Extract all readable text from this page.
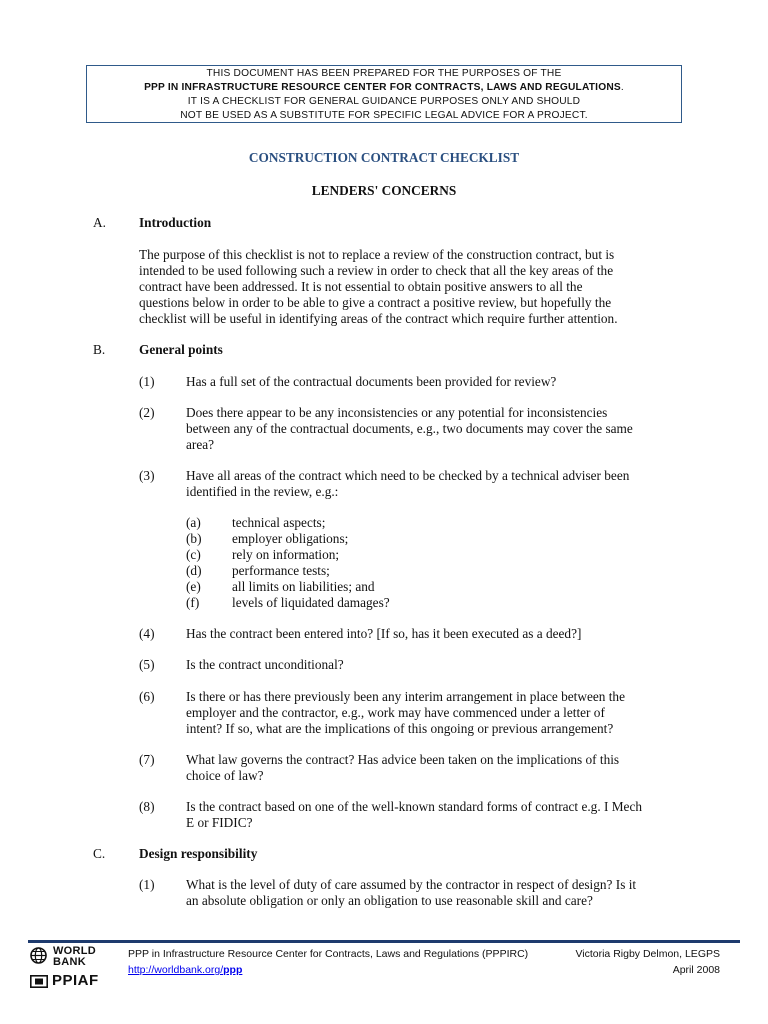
THIS DOCUMENT HAS BEEN PREPARED FOR THE PURPOSES OF THE
PPP IN INFRASTRUCTURE RESOURCE CENTER FOR CONTRACTS, LAWS AND REGULATIONS.
IT IS A CHECKLIST FOR GENERAL GUIDANCE PURPOSES ONLY AND SHOULD
NOT BE USED AS A SUBSTITUTE FOR SPECIFIC LEGAL ADVICE FOR A PROJECT.
CONSTRUCTION CONTRACT CHECKLIST
LENDERS' CONCERNS
A. Introduction
The purpose of this checklist is not to replace a review of the construction contract, but is
intended to be used following such a review in order to check that all the key areas of the
contract have been addressed. It is not essential to obtain positive answers to all the
questions below in order to be able to give a contract a positive review, but hopefully the
checklist will be useful in identifying areas of the contract which require further attention.
B.	General points
(1) Has a full set of the contractual documents been provided for review?
(2) Does there appear to be any inconsistencies or any potential for inconsistencies
between any of the contractual documents, e.g., two documents may cover the same
area?
(3) Have all areas of the contract which need to be checked by a technical adviser been
identified in the review, e.g.:
(a) technical aspects;
(b) employer obligations;
(c) rely on information;
(d) performance tests;
(e) all limits on liabilities; and
(f) levels of liquidated damages?
(4) Has the contract been entered into? [If so, has it been executed as a deed?]
(5) Is the contract unconditional?
(6) Is there or has there previously been any interim arrangement in place between the
employer and the contractor, e.g., work may have commenced under a letter of
intent? If so, what are the implications of this ongoing or previous arrangement?
(7) What law governs the contract? Has advice been taken on the implications of this
choice of law?
(8) Is the contract based on one of the well-known standard forms of contract e.g. I Mech
E or FIDIC?
C.	Design responsibility
(1) What is the level of duty of care assumed by the contractor in respect of design? Is it
an absolute obligation or only an obligation to use reasonable skill and care?
WORLD
BANK
PPIAF
PPP in Infrastructure Resource Center for Contracts, Laws and Regulations (PPPIRC)
http://worldbank.org/ppp
Victoria Rigby Delmon, LEGPS
April 2008
